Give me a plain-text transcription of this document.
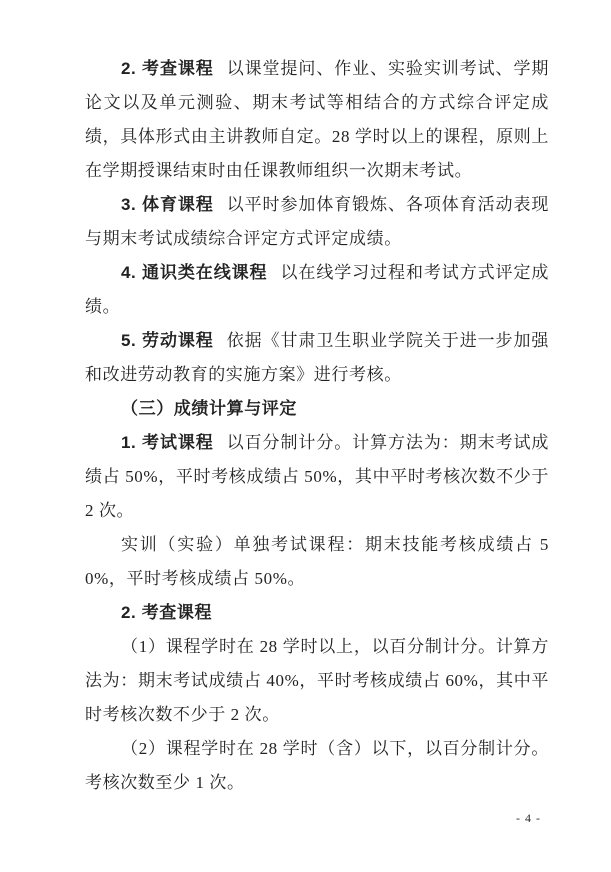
2. 考查课程 以课堂提问、作业、实验实训考试、学期论文以及单元测验、期末考试等相结合的方式综合评定成绩，具体形式由主讲教师自定。28 学时以上的课程，原则上在学期授课结束时由任课教师组织一次期末考试。

3. 体育课程 以平时参加体育锻炼、各项体育活动表现与期末考试成绩综合评定方式评定成绩。

4. 通识类在线课程 以在线学习过程和考试方式评定成绩。

5. 劳动课程 依据《甘肃卫生职业学院关于进一步加强和改进劳动教育的实施方案》进行考核。

（三）成绩计算与评定

1. 考试课程 以百分制计分。计算方法为：期末考试成绩占 50%，平时考核成绩占 50%，其中平时考核次数不少于 2 次。

实训（实验）单独考试课程：期末技能考核成绩占 50%，平时考核成绩占 50%。

2. 考查课程

（1）课程学时在 28 学时以上，以百分制计分。计算方法为：期末考试成绩占 40%，平时考核成绩占 60%，其中平时考核次数不少于 2 次。

（2）课程学时在 28 学时（含）以下，以百分制计分。考核次数至少 1 次。

- 4 -
